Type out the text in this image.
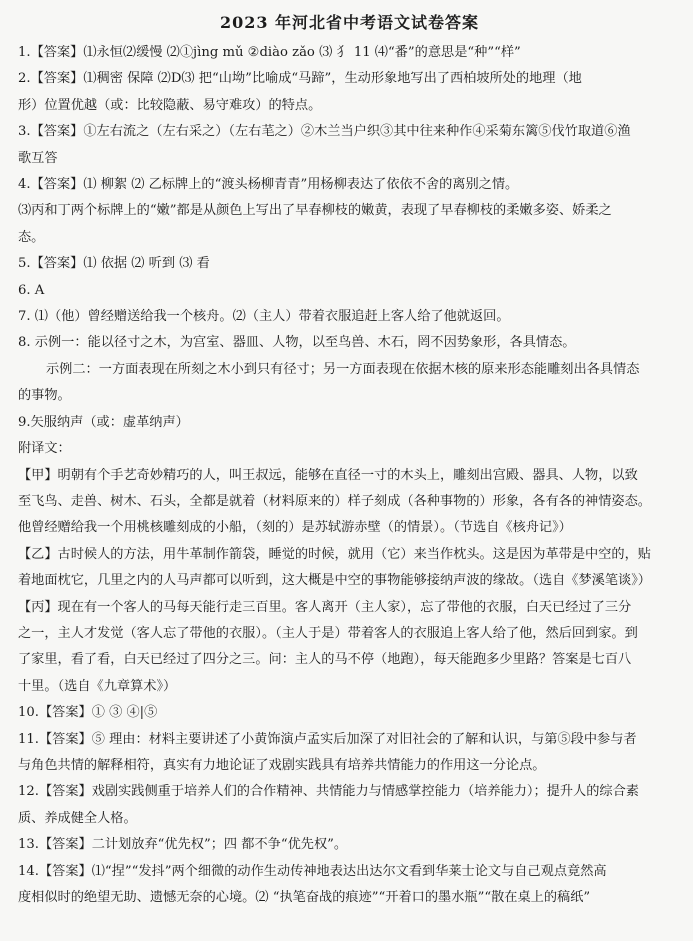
2023 年河北省中考语文试卷答案

1.【答案】⑴永恒⑵缓慢 ⑵①jìng mǔ ②diào zǎo ⑶ 犭 11 ⑷“番”的意思是“种”“样”

2.【答案】⑴稠密 保障 ⑵D⑶ 把“山坳”比喻成“马蹄”，生动形象地写出了西柏坡所处的地理（地

形）位置优越（或：比较隐蔽、易守难攻）的特点。

3.【答案】①左右流之（左右采之）（左右芼之）②木兰当户织③其中往来种作④采菊东篱⑤伐竹取道⑥渔

歌互答

4.【答案】⑴ 柳絮 ⑵ 乙标牌上的“渡头杨柳青青”用杨柳表达了依依不舍的离别之情。

⑶丙和丁两个标牌上的“嫩”都是从颜色上写出了早春柳枝的嫩黄，表现了早春柳枝的柔嫩多姿、娇柔之

态。

5.【答案】⑴ 依据 ⑵ 听到 ⑶ 看

6. A

7. ⑴（他）曾经赠送给我一个核舟。⑵（主人）带着衣服追赶上客人给了他就返回。

8. 示例一：能以径寸之木，为宫室、器皿、人物，以至鸟兽、木石，罔不因势象形，各具情态。

示例二：一方面表现在所刻之木小到只有径寸；另一方面表现在依据木核的原来形态能雕刻出各具情态

的事物。

9.矢服纳声（或：虚革纳声）

附译文：

【甲】明朝有个手艺奇妙精巧的人，叫王叔远，能够在直径一寸的木头上，雕刻出宫殿、器具、人物，以致

至飞鸟、走兽、树木、石头，全都是就着（材料原来的）样子刻成（各种事物的）形象，各有各的神情姿态。

他曾经赠给我一个用桃核雕刻成的小船，（刻的）是苏轼游赤壁（的情景）。（节选自《核舟记》）

【乙】古时候人的方法，用牛革制作箭袋，睡觉的时候，就用（它）来当作枕头。这是因为革带是中空的，贴

着地面枕它，几里之内的人马声都可以听到，这大概是中空的事物能够接纳声波的缘故。（选自《梦溪笔谈》）

【丙】现在有一个客人的马每天能行走三百里。客人离开（主人家），忘了带他的衣服，白天已经过了三分

之一，主人才发觉（客人忘了带他的衣服）。（主人于是）带着客人的衣服追上客人给了他，然后回到家。到

了家里，看了看，白天已经过了四分之三。问：主人的马不停（地跑），每天能跑多少里路？答案是七百八

十里。（选自《九章算术》）

10.【答案】① ③ ④|⑤

11.【答案】⑤ 理由：材料主要讲述了小黄饰演卢孟实后加深了对旧社会的了解和认识，与第⑤段中参与者

与角色共情的解释相符，真实有力地论证了戏剧实践具有培养共情能力的作用这一分论点。

12.【答案】戏剧实践侧重于培养人们的合作精神、共情能力与情感掌控能力（培养能力）；提升人的综合素

质、养成健全人格。

13.【答案】二计划放弃“优先权”；四 都不争“优先权”。

14.【答案】⑴“捏”“发抖”两个细微的动作生动传神地表达出达尔文看到华莱士论文与自己观点竟然高

度相似时的绝望无助、遗憾无奈的心境。⑵ “执笔奋战的痕迹”“开着口的墨水瓶”“散在桌上的稿纸”
